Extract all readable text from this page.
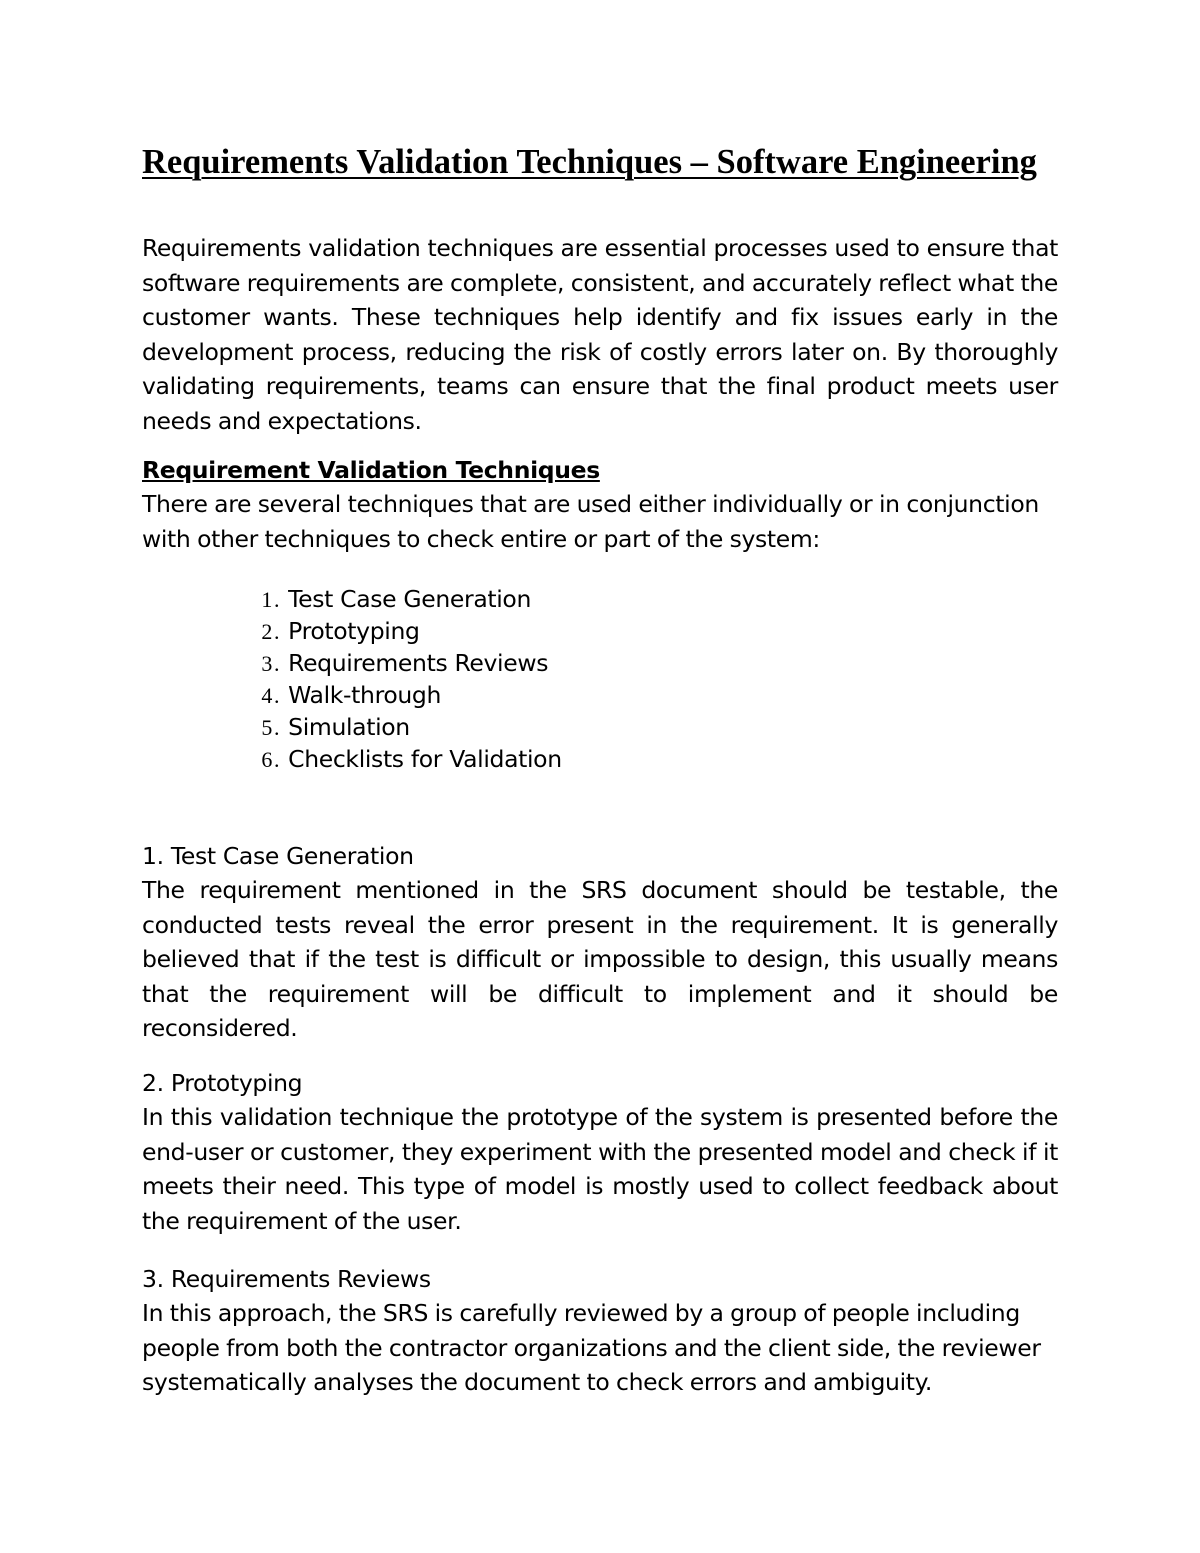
Requirements Validation Techniques – Software Engineering

Requirements validation techniques are essential processes used to ensure that software requirements are complete, consistent, and accurately reflect what the customer wants. These techniques help identify and fix issues early in the development process, reducing the risk of costly errors later on. By thoroughly validating requirements, teams can ensure that the final product meets user needs and expectations.

Requirement Validation Techniques

There are several techniques that are used either individually or in conjunction with other techniques to check entire or part of the system:

1. Test Case Generation
2. Prototyping
3. Requirements Reviews
4. Walk-through
5. Simulation
6. Checklists for Validation
1. Test Case Generation

The requirement mentioned in the SRS document should be testable, the conducted tests reveal the error present in the requirement. It is generally believed that if the test is difficult or impossible to design, this usually means that the requirement will be difficult to implement and it should be reconsidered.

2. Prototyping

In this validation technique the prototype of the system is presented before the end-user or customer, they experiment with the presented model and check if it meets their need. This type of model is mostly used to collect feedback about the requirement of the user.

3. Requirements Reviews

In this approach, the SRS is carefully reviewed by a group of people including people from both the contractor organizations and the client side, the reviewer systematically analyses the document to check errors and ambiguity.
